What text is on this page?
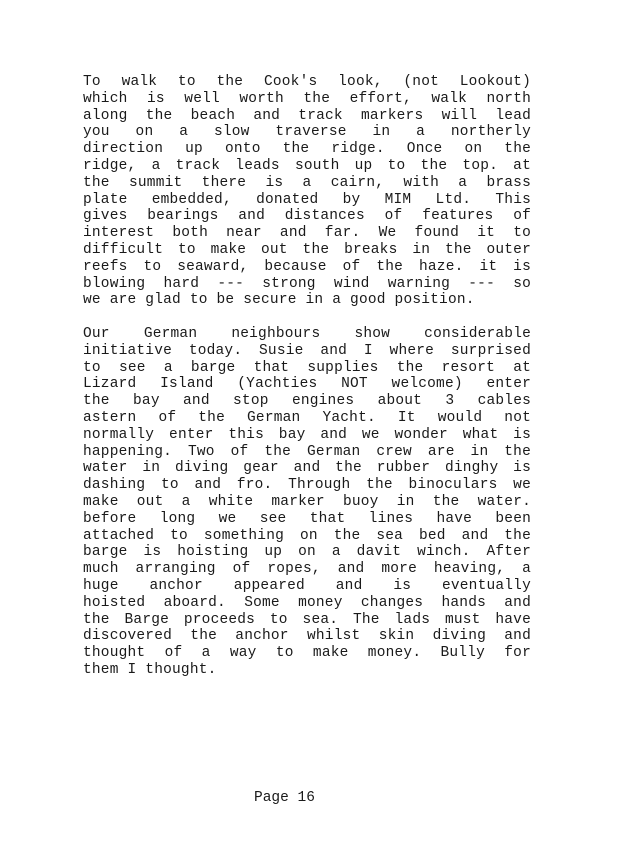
To walk to the Cook's look, (not Lookout)
which is well worth the effort, walk north
along the beach and track markers will lead
you on a slow traverse in a northerly
direction up onto the ridge. Once on the
ridge, a track leads south up to the top. at
the summit there is a cairn, with a brass
plate embedded, donated by MIM Ltd. This
gives bearings and distances of features of
interest both near and far. We found it to
difficult to make out the breaks in the outer
reefs to seaward, because of the haze. it is
blowing hard --- strong wind warning --- so
we are glad to be secure in a good position.
Our German neighbours show considerable
initiative today. Susie and I where surprised
to see a barge that supplies the resort at
Lizard Island (Yachties NOT welcome) enter
the bay and stop engines about 3 cables
astern of the German Yacht. It would not
normally enter this bay and we wonder what is
happening. Two of the German crew are in the
water in diving gear and the rubber dinghy is
dashing to and fro. Through the binoculars we
make out a white marker buoy in the water.
before long we see that lines have been
attached to something on the sea bed and the
barge is hoisting up on a davit winch. After
much arranging of ropes, and more heaving, a
huge anchor appeared and is eventually
hoisted aboard. Some money changes hands and
the Barge proceeds to sea. The lads must have
discovered the anchor whilst skin diving and
thought of a way to make money. Bully for
them I thought.
Page 16
